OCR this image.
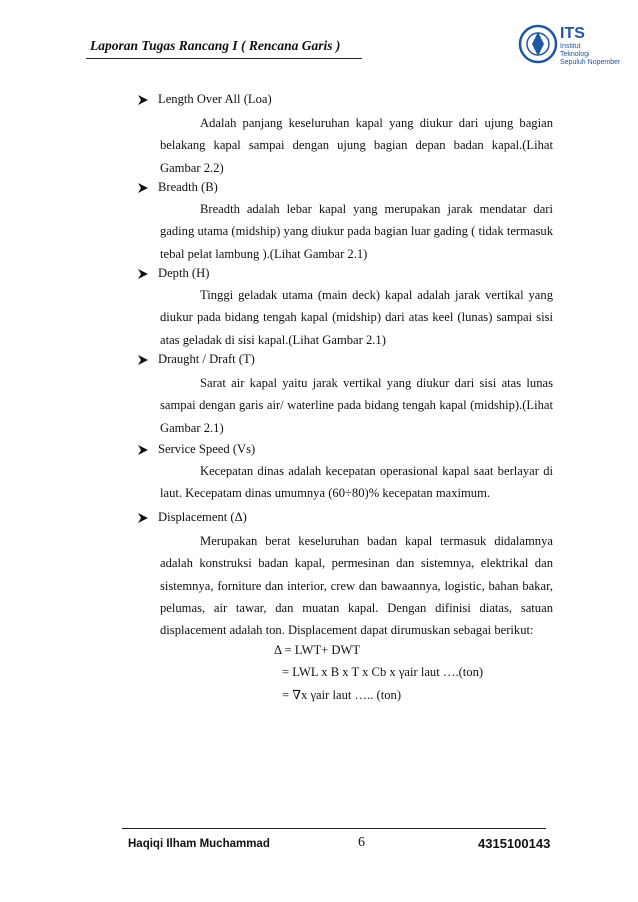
Laporan Tugas Rancang I ( Rencana Garis )
ITS
Institut
Teknologi
Sepuluh Nopember
Length Over All (Loa)
Adalah panjang keseluruhan kapal yang diukur dari ujung bagian belakang kapal sampai dengan ujung bagian depan badan kapal.(Lihat Gambar 2.2)
Breadth (B)
Breadth adalah lebar kapal yang merupakan jarak mendatar dari gading utama (midship) yang diukur pada bagian luar gading ( tidak termasuk tebal pelat lambung ).(Lihat Gambar 2.1)
Depth (H)
Tinggi geladak utama (main deck) kapal adalah jarak vertikal yang diukur pada bidang tengah kapal (midship) dari atas keel (lunas) sampai sisi atas geladak di sisi kapal.(Lihat Gambar 2.1)
Draught / Draft (T)
Sarat air kapal yaitu jarak vertikal yang diukur dari sisi atas lunas sampai dengan garis air/ waterline pada bidang tengah kapal (midship).(Lihat Gambar 2.1)
Service Speed (Vs)
Kecepatan dinas adalah kecepatan operasional kapal saat berlayar di laut. Kecepatam dinas umumnya (60÷80)% kecepatan maximum.
Displacement (Δ)
Merupakan berat keseluruhan badan kapal termasuk didalamnya adalah konstruksi badan kapal, permesinan dan sistemnya, elektrikal dan sistemnya, forniture dan interior, crew dan bawaannya, logistic, bahan bakar, pelumas, air tawar, dan muatan kapal. Dengan difinisi diatas, satuan displacement adalah ton. Displacement dapat dirumuskan sebagai berikut:
Δ = LWT+ DWT
= LWL x B x T x Cb x γair laut ….(ton)
= ∇x γair laut ….. (ton)
Haqiqi Ilham Muchammad	6	4315100143
